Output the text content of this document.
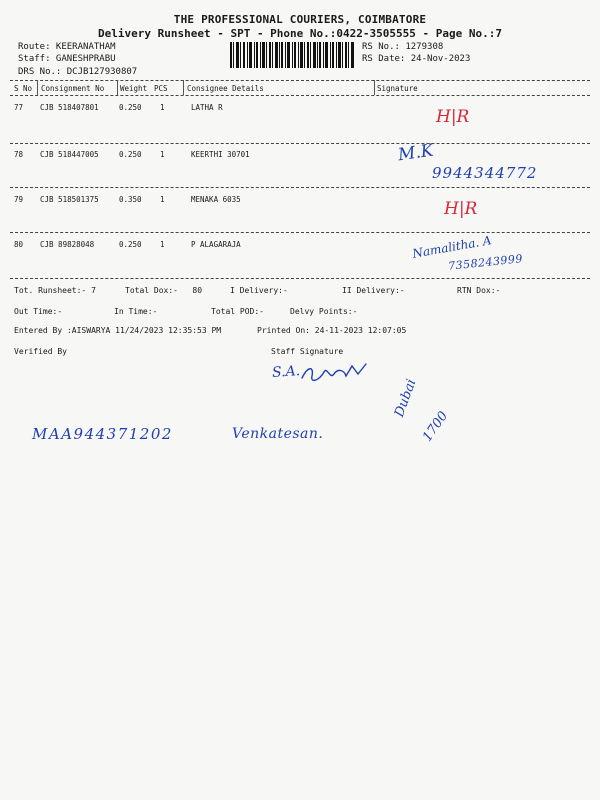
THE PROFESSIONAL COURIERS, COIMBATORE
Delivery Runsheet - SPT - Phone No.:0422-3505555 - Page No.:7
Route: KEERANATHAM
Staff: GANESHPRABU
DRS No.: DCJB127930807
RS No.: 1279308
RS Date: 24-Nov-2023
S No Consignment No Weight PCS	Consignee Details	Signature
77 CJB 518407801	0.250 1	LATHA R	H|R
78 CJB 518447005	0.250 1	KEERTHI 30701	M.K
9944344772
79 CJB 518501375	0.350 1	MENAKA 6035	H|R
80 CJB 89828048	0.250 1	P ALAGARAJA	Namalitha. A
7358243999
Tot. Runsheet:- 7	Total Dox:-   80	I Delivery:-	II Delivery:-	RTN Dox:-
Out Time:-	In Time:-	Total POD:-	Delvy Points:-
Entered By :AISWARYA 11/24/2023 12:35:53 PM	Printed On: 24-11-2023 12:07:05
Verified By	Staff Signature
S.A.
MAA944371202	Venkatesan.
Dubai
1700
